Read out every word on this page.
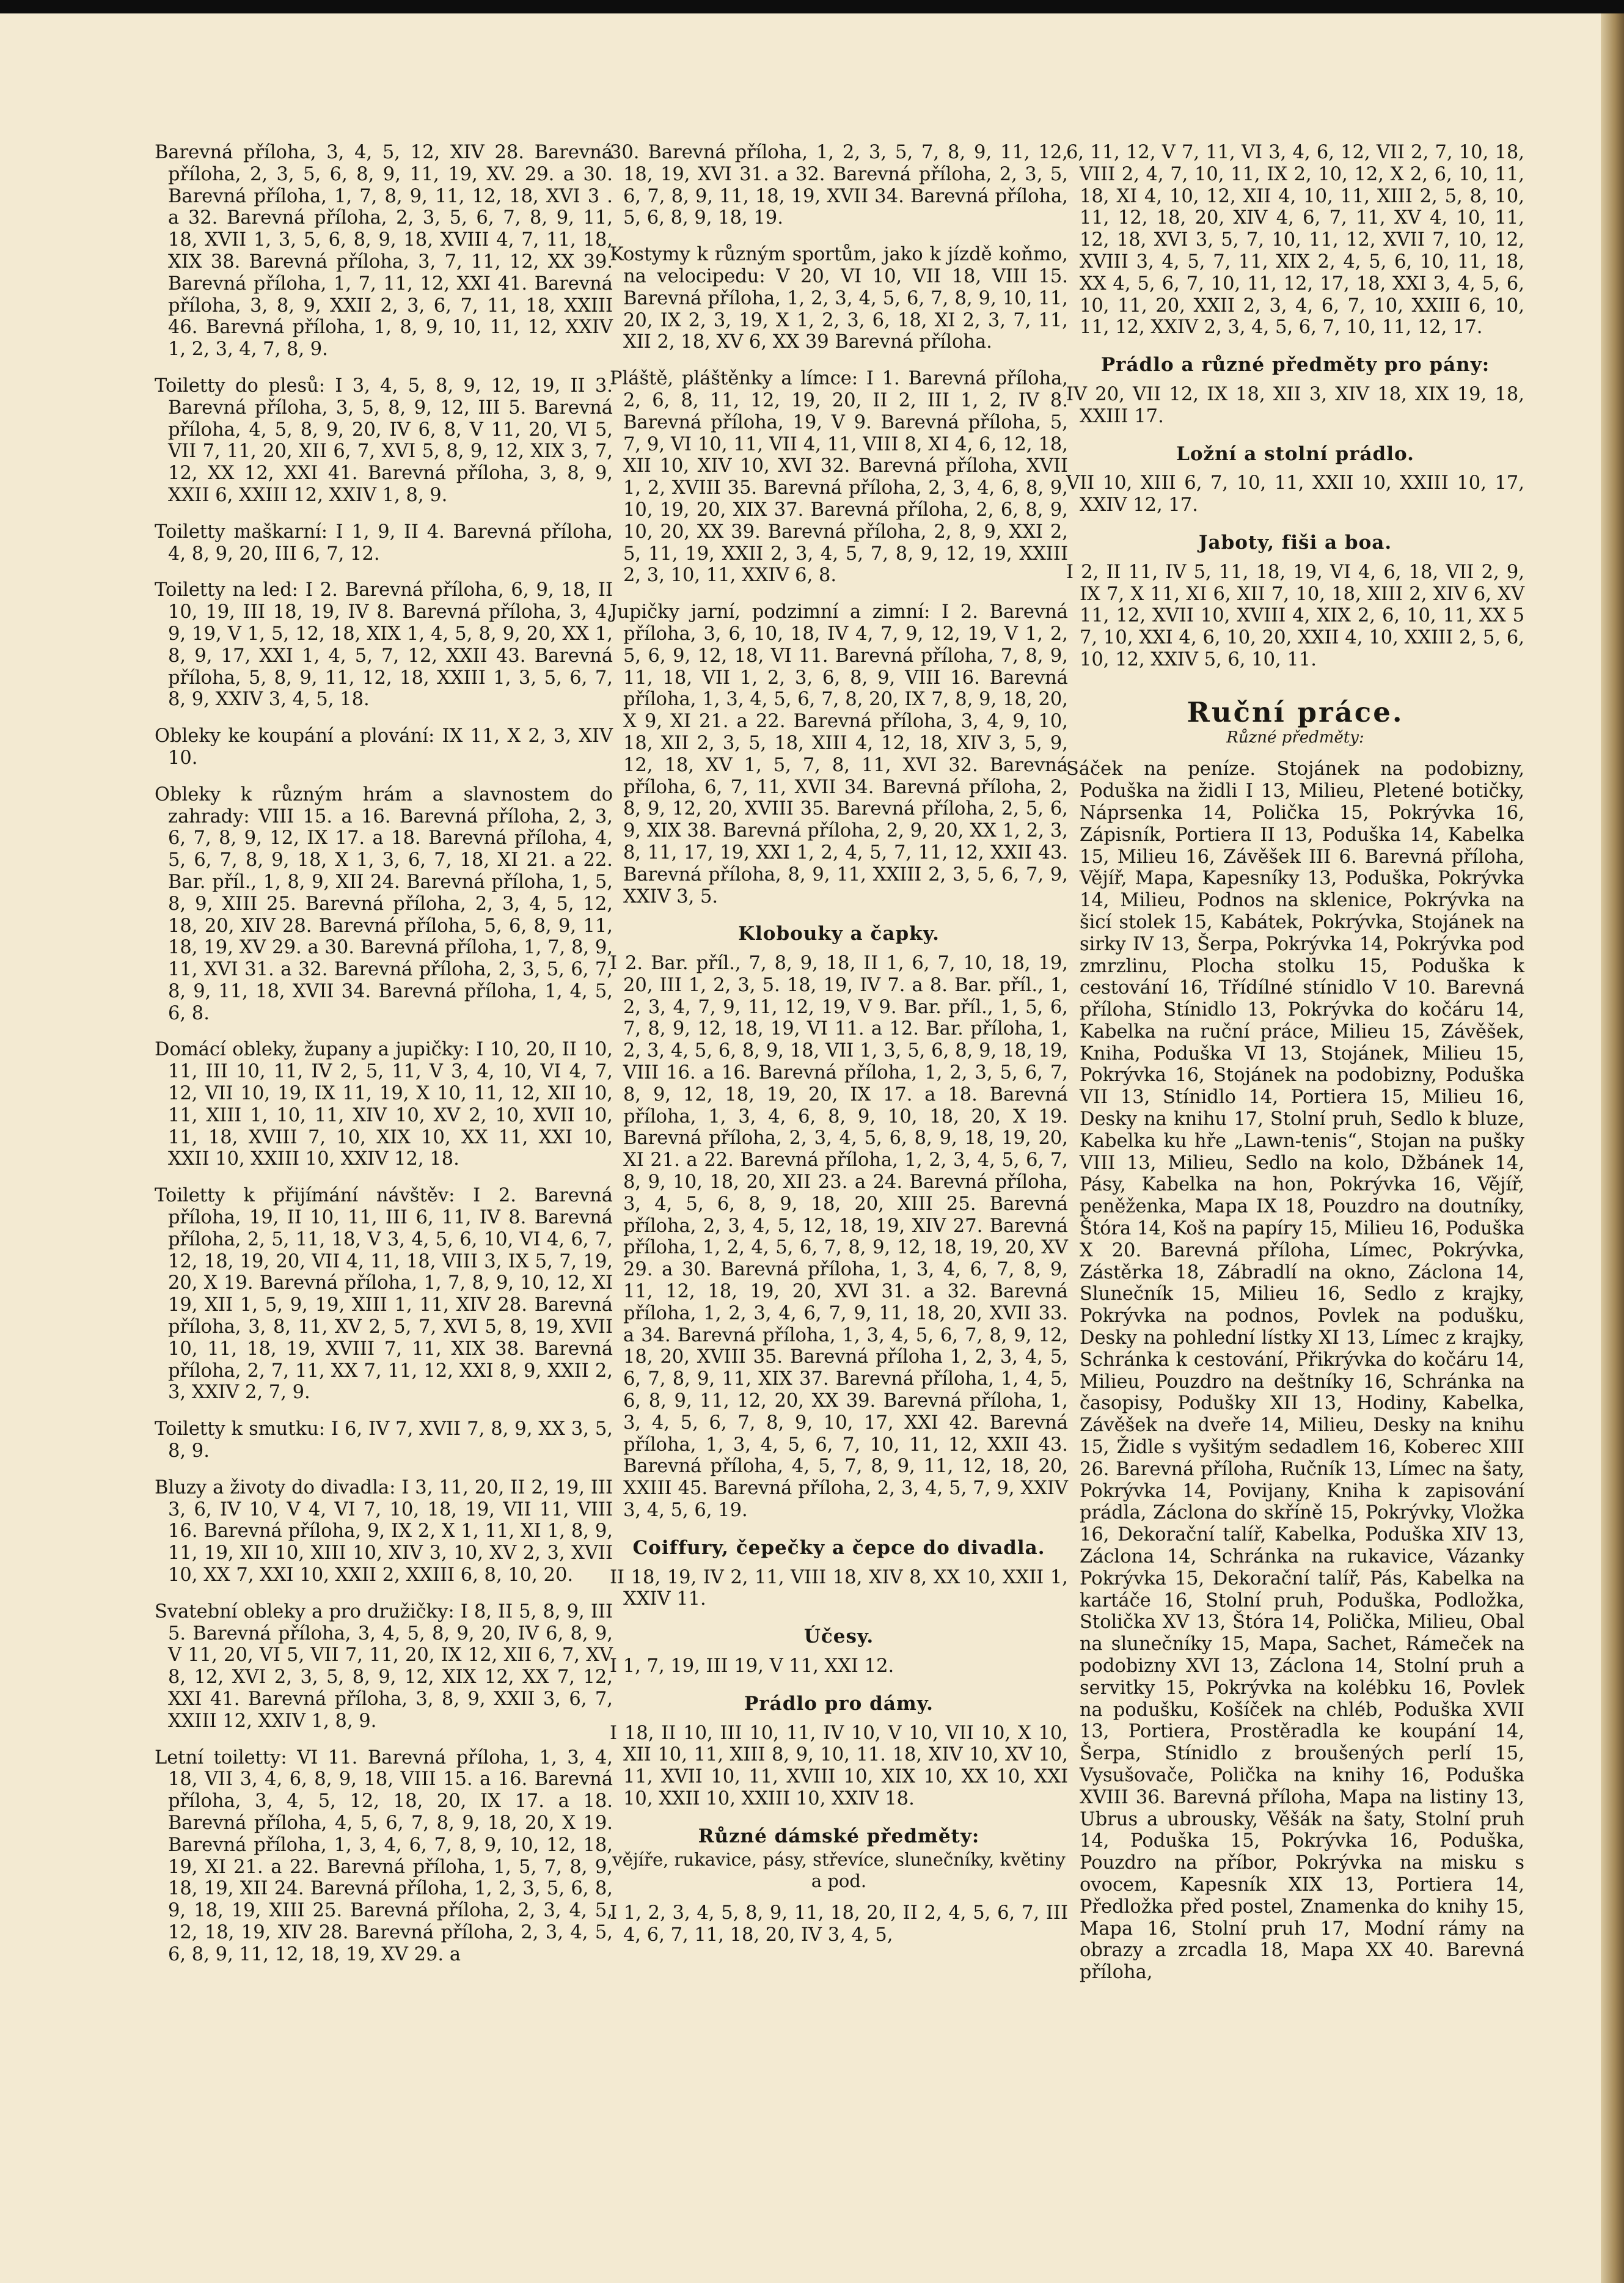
Barevná příloha, 3, 4, 5, 12, XIV 28. Barevná příloha, 2, 3, 5, 6, 8, 9, 11, 19, XV. 29. a 30. Barevná příloha, 1, 7, 8, 9, 11, 12, 18, XVI 3 . a 32. Barevná příloha, 2, 3, 5, 6, 7, 8, 9, 11, 18, XVII 1, 3, 5, 6, 8, 9, 18, XVIII 4, 7, 11, 18, XIX 38. Barevná příloha, 3, 7, 11, 12, XX 39. Barevná příloha, 1, 7, 11, 12, XXI 41. Barevná příloha, 3, 8, 9, XXII 2, 3, 6, 7, 11, 18, XXIII 46. Barevná příloha, 1, 8, 9, 10, 11, 12, XXIV 1, 2, 3, 4, 7, 8, 9.

Toiletty do plesů: I 3, 4, 5, 8, 9, 12, 19, II 3. Barevná příloha, 3, 5, 8, 9, 12, III 5. Barevná příloha, 4, 5, 8, 9, 20, IV 6, 8, V 11, 20, VI 5, VII 7, 11, 20, XII 6, 7, XVI 5, 8, 9, 12, XIX 3, 7, 12, XX 12, XXI 41. Barevná příloha, 3, 8, 9, XXII 6, XXIII 12, XXIV 1, 8, 9.

Toiletty maškarní: I 1, 9, II 4. Barevná příloha, 4, 8, 9, 20, III 6, 7, 12.

Toiletty na led: I 2. Barevná příloha, 6, 9, 18, II 10, 19, III 18, 19, IV 8. Barevná příloha, 3, 4, 9, 19, V 1, 5, 12, 18, XIX 1, 4, 5, 8, 9, 20, XX 1, 8, 9, 17, XXI 1, 4, 5, 7, 12, XXII 43. Barevná příloha, 5, 8, 9, 11, 12, 18, XXIII 1, 3, 5, 6, 7, 8, 9, XXIV 3, 4, 5, 18.

Obleky ke koupání a plování: IX 11, X 2, 3, XIV 10.

Obleky k různým hrám a slavnostem do zahrady: VIII 15. a 16. Barevná příloha, 2, 3, 6, 7, 8, 9, 12, IX 17. a 18. Barevná příloha, 4, 5, 6, 7, 8, 9, 18, X 1, 3, 6, 7, 18, XI 21. a 22. Bar. příl., 1, 8, 9, XII 24. Barevná příloha, 1, 5, 8, 9, XIII 25. Barevná příloha, 2, 3, 4, 5, 12, 18, 20, XIV 28. Barevná příloha, 5, 6, 8, 9, 11, 18, 19, XV 29. a 30. Barevná příloha, 1, 7, 8, 9, 11, XVI 31. a 32. Barevná příloha, 2, 3, 5, 6, 7, 8, 9, 11, 18, XVII 34. Barevná příloha, 1, 4, 5, 6, 8.

Domácí obleky, župany a jupičky: I 10, 20, II 10, 11, III 10, 11, IV 2, 5, 11, V 3, 4, 10, VI 4, 7, 12, VII 10, 19, IX 11, 19, X 10, 11, 12, XII 10, 11, XIII 1, 10, 11, XIV 10, XV 2, 10, XVII 10, 11, 18, XVIII 7, 10, XIX 10, XX 11, XXI 10, XXII 10, XXIII 10, XXIV 12, 18.

Toiletty k přijímání návštěv: I 2. Barevná příloha, 19, II 10, 11, III 6, 11, IV 8. Barevná příloha, 2, 5, 11, 18, V 3, 4, 5, 6, 10, VI 4, 6, 7, 12, 18, 19, 20, VII 4, 11, 18, VIII 3, IX 5, 7, 19, 20, X 19. Barevná příloha, 1, 7, 8, 9, 10, 12, XI 19, XII 1, 5, 9, 19, XIII 1, 11, XIV 28. Barevná příloha, 3, 8, 11, XV 2, 5, 7, XVI 5, 8, 19, XVII 10, 11, 18, 19, XVIII 7, 11, XIX 38. Barevná příloha, 2, 7, 11, XX 7, 11, 12, XXI 8, 9, XXII 2, 3, XXIV 2, 7, 9.

Toiletty k smutku: I 6, IV 7, XVII 7, 8, 9, XX 3, 5, 8, 9.

Bluzy a životy do divadla: I 3, 11, 20, II 2, 19, III 3, 6, IV 10, V 4, VI 7, 10, 18, 19, VII 11, VIII 16. Barevná příloha, 9, IX 2, X 1, 11, XI 1, 8, 9, 11, 19, XII 10, XIII 10, XIV 3, 10, XV 2, 3, XVII 10, XX 7, XXI 10, XXII 2, XXIII 6, 8, 10, 20.

Svatební obleky a pro družičky: I 8, II 5, 8, 9, III 5. Barevná příloha, 3, 4, 5, 8, 9, 20, IV 6, 8, 9, V 11, 20, VI 5, VII 7, 11, 20, IX 12, XII 6, 7, XV 8, 12, XVI 2, 3, 5, 8, 9, 12, XIX 12, XX 7, 12, XXI 41. Barevná příloha, 3, 8, 9, XXII 3, 6, 7, XXIII 12, XXIV 1, 8, 9.

Letní toiletty: VI 11. Barevná příloha, 1, 3, 4, 18, VII 3, 4, 6, 8, 9, 18, VIII 15. a 16. Barevná příloha, 3, 4, 5, 12, 18, 20, IX 17. a 18. Barevná příloha, 4, 5, 6, 7, 8, 9, 18, 20, X 19. Barevná příloha, 1, 3, 4, 6, 7, 8, 9, 10, 12, 18, 19, XI 21. a 22. Barevná příloha, 1, 5, 7, 8, 9, 18, 19, XII 24. Barevná příloha, 1, 2, 3, 5, 6, 8, 9, 18, 19, XIII 25. Barevná příloha, 2, 3, 4, 5, 12, 18, 19, XIV 28. Barevná příloha, 2, 3, 4, 5, 6, 8, 9, 11, 12, 18, 19, XV 29. a

30. Barevná příloha, 1, 2, 3, 5, 7, 8, 9, 11, 12, 18, 19, XVI 31. a 32. Barevná příloha, 2, 3, 5, 6, 7, 8, 9, 11, 18, 19, XVII 34. Barevná příloha, 5, 6, 8, 9, 18, 19.

Kostymy k různým sportům, jako k jízdě koňmo, na velocipedu: V 20, VI 10, VII 18, VIII 15. Barevná příloha, 1, 2, 3, 4, 5, 6, 7, 8, 9, 10, 11, 20, IX 2, 3, 19, X 1, 2, 3, 6, 18, XI 2, 3, 7, 11, XII 2, 18, XV 6, XX 39 Barevná příloha.

Pláště, pláštěnky a límce: I 1. Barevná příloha, 2, 6, 8, 11, 12, 19, 20, II 2, III 1, 2, IV 8. Barevná příloha, 19, V 9. Barevná příloha, 5, 7, 9, VI 10, 11, VII 4, 11, VIII 8, XI 4, 6, 12, 18, XII 10, XIV 10, XVI 32. Barevná příloha, XVII 1, 2, XVIII 35. Barevná příloha, 2, 3, 4, 6, 8, 9, 10, 19, 20, XIX 37. Barevná příloha, 2, 6, 8, 9, 10, 20, XX 39. Barevná příloha, 2, 8, 9, XXI 2, 5, 11, 19, XXII 2, 3, 4, 5, 7, 8, 9, 12, 19, XXIII 2, 3, 10, 11, XXIV 6, 8.

Jupičky jarní, podzimní a zimní: I 2. Barevná příloha, 3, 6, 10, 18, IV 4, 7, 9, 12, 19, V 1, 2, 5, 6, 9, 12, 18, VI 11. Barevná příloha, 7, 8, 9, 11, 18, VII 1, 2, 3, 6, 8, 9, VIII 16. Barevná příloha, 1, 3, 4, 5, 6, 7, 8, 20, IX 7, 8, 9, 18, 20, X 9, XI 21. a 22. Barevná příloha, 3, 4, 9, 10, 18, XII 2, 3, 5, 18, XIII 4, 12, 18, XIV 3, 5, 9, 12, 18, XV 1, 5, 7, 8, 11, XVI 32. Barevná příloha, 6, 7, 11, XVII 34. Barevná příloha, 2, 8, 9, 12, 20, XVIII 35. Barevná příloha, 2, 5, 6, 9, XIX 38. Barevná příloha, 2, 9, 20, XX 1, 2, 3, 8, 11, 17, 19, XXI 1, 2, 4, 5, 7, 11, 12, XXII 43. Barevná příloha, 8, 9, 11, XXIII 2, 3, 5, 6, 7, 9, XXIV 3, 5.

Klobouky a čapky.

I 2. Bar. příl., 7, 8, 9, 18, II 1, 6, 7, 10, 18, 19, 20, III 1, 2, 3, 5. 18, 19, IV 7. a 8. Bar. příl., 1, 2, 3, 4, 7, 9, 11, 12, 19, V 9. Bar. příl., 1, 5, 6, 7, 8, 9, 12, 18, 19, VI 11. a 12. Bar. příloha, 1, 2, 3, 4, 5, 6, 8, 9, 18, VII 1, 3, 5, 6, 8, 9, 18, 19, VIII 16. a 16. Barevná příloha, 1, 2, 3, 5, 6, 7, 8, 9, 12, 18, 19, 20, IX 17. a 18. Barevná příloha, 1, 3, 4, 6, 8, 9, 10, 18, 20, X 19. Barevná příloha, 2, 3, 4, 5, 6, 8, 9, 18, 19, 20, XI 21. a 22. Barevná příloha, 1, 2, 3, 4, 5, 6, 7, 8, 9, 10, 18, 20, XII 23. a 24. Barevná příloha, 3, 4, 5, 6, 8, 9, 18, 20, XIII 25. Barevná příloha, 2, 3, 4, 5, 12, 18, 19, XIV 27. Barevná příloha, 1, 2, 4, 5, 6, 7, 8, 9, 12, 18, 19, 20, XV 29. a 30. Barevná příloha, 1, 3, 4, 6, 7, 8, 9, 11, 12, 18, 19, 20, XVI 31. a 32. Barevná příloha, 1, 2, 3, 4, 6, 7, 9, 11, 18, 20, XVII 33. a 34. Barevná příloha, 1, 3, 4, 5, 6, 7, 8, 9, 12, 18, 20, XVIII 35. Barevná příloha 1, 2, 3, 4, 5, 6, 7, 8, 9, 11, XIX 37. Barevná příloha, 1, 4, 5, 6, 8, 9, 11, 12, 20, XX 39. Barevná příloha, 1, 3, 4, 5, 6, 7, 8, 9, 10, 17, XXI 42. Barevná příloha, 1, 3, 4, 5, 6, 7, 10, 11, 12, XXII 43. Barevná příloha, 4, 5, 7, 8, 9, 11, 12, 18, 20, XXIII 45. Barevná příloha, 2, 3, 4, 5, 7, 9, XXIV 3, 4, 5, 6, 19.

Coiffury, čepečky a čepce do divadla.

II 18, 19, IV 2, 11, VIII 18, XIV 8, XX 10, XXII 1, XXIV 11.

Účesy.

I 1, 7, 19, III 19, V 11, XXI 12.

Prádlo pro dámy.

I 18, II 10, III 10, 11, IV 10, V 10, VII 10, X 10, XII 10, 11, XIII 8, 9, 10, 11. 18, XIV 10, XV 10, 11, XVII 10, 11, XVIII 10, XIX 10, XX 10, XXI 10, XXII 10, XXIII 10, XXIV 18.

Různé dámské předměty:
vějíře, rukavice, pásy, střevíce, slunečníky, květiny a pod.

I 1, 2, 3, 4, 5, 8, 9, 11, 18, 20, II 2, 4, 5, 6, 7, III 4, 6, 7, 11, 18, 20, IV 3, 4, 5,

6, 11, 12, V 7, 11, VI 3, 4, 6, 12, VII 2, 7, 10, 18, VIII 2, 4, 7, 10, 11, IX 2, 10, 12, X 2, 6, 10, 11, 18, XI 4, 10, 12, XII 4, 10, 11, XIII 2, 5, 8, 10, 11, 12, 18, 20, XIV 4, 6, 7, 11, XV 4, 10, 11, 12, 18, XVI 3, 5, 7, 10, 11, 12, XVII 7, 10, 12, XVIII 3, 4, 5, 7, 11, XIX 2, 4, 5, 6, 10, 11, 18, XX 4, 5, 6, 7, 10, 11, 12, 17, 18, XXI 3, 4, 5, 6, 10, 11, 20, XXII 2, 3, 4, 6, 7, 10, XXIII 6, 10, 11, 12, XXIV 2, 3, 4, 5, 6, 7, 10, 11, 12, 17.

Prádlo a různé předměty pro pány:

IV 20, VII 12, IX 18, XII 3, XIV 18, XIX 19, 18, XXIII 17.

Ložní a stolní prádlo.

VII 10, XIII 6, 7, 10, 11, XXII 10, XXIII 10, 17, XXIV 12, 17.

Jaboty, fiši a boa.

I 2, II 11, IV 5, 11, 18, 19, VI 4, 6, 18, VII 2, 9, IX 7, X 11, XI 6, XII 7, 10, 18, XIII 2, XIV 6, XV 11, 12, XVII 10, XVIII 4, XIX 2, 6, 10, 11, XX 5 7, 10, XXI 4, 6, 10, 20, XXII 4, 10, XXIII 2, 5, 6, 10, 12, XXIV 5, 6, 10, 11.

Ruční práce.
Různé předměty:

Sáček na peníze. Stojánek na podobizny, Poduška na židli I 13, Milieu, Pletené botičky, Náprsenka 14, Polička 15, Pokrývka 16, Zápisník, Portiera II 13, Poduška 14, Kabelka 15, Milieu 16, Závěšek III 6. Barevná příloha, Vějíř, Mapa, Kapesníky 13, Poduška, Pokrývka 14, Milieu, Podnos na sklenice, Pokrývka na šicí stolek 15, Kabátek, Pokrývka, Stojánek na sirky IV 13, Šerpa, Pokrývka 14, Pokrývka pod zmrzlinu, Plocha stolku 15, Poduška k cestování 16, Třídílné stínidlo V 10. Barevná příloha, Stínidlo 13, Pokrývka do kočáru 14, Kabelka na ruční práce, Milieu 15, Závěšek, Kniha, Poduška VI 13, Stojánek, Milieu 15, Pokrývka 16, Stojánek na podobizny, Poduška VII 13, Stínidlo 14, Portiera 15, Milieu 16, Desky na knihu 17, Stolní pruh, Sedlo k bluze, Kabelka ku hře „Lawn-tenis“, Stojan na pušky VIII 13, Milieu, Sedlo na kolo, Džbánek 14, Pásy, Kabelka na hon, Pokrývka 16, Vějíř, peněženka, Mapa IX 18, Pouzdro na doutníky, Štóra 14, Koš na papíry 15, Milieu 16, Poduška X 20. Barevná příloha, Límec, Pokrývka, Zástěrka 18, Zábradlí na okno, Záclona 14, Slunečník 15, Milieu 16, Sedlo z krajky, Pokrývka na podnos, Povlek na podušku, Desky na pohlední lístky XI 13, Límec z krajky, Schránka k cestování, Přikrývka do kočáru 14, Milieu, Pouzdro na deštníky 16, Schránka na časopisy, Podušky XII 13, Hodiny, Kabelka, Závěšek na dveře 14, Milieu, Desky na knihu 15, Židle s vyšitým sedadlem 16, Koberec XIII 26. Barevná příloha, Ručník 13, Límec na šaty, Pokrývka 14, Povijany, Kniha k zapisování prádla, Záclona do skříně 15, Pokrývky, Vložka 16, Dekorační talíř, Kabelka, Poduška XIV 13, Záclona 14, Schránka na rukavice, Vázanky Pokrývka 15, Dekorační talíř, Pás, Kabelka na kartáče 16, Stolní pruh, Poduška, Podložka, Stolička XV 13, Štóra 14, Polička, Milieu, Obal na slunečníky 15, Mapa, Sachet, Rámeček na podobizny XVI 13, Záclona 14, Stolní pruh a servitky 15, Pokrývka na kolébku 16, Povlek na podušku, Košíček na chléb, Poduška XVII 13, Portiera, Prostěradla ke koupání 14, Šerpa, Stínidlo z broušených perlí 15, Vysušovače, Polička na knihy 16, Poduška XVIII 36. Barevná příloha, Mapa na listiny 13, Ubrus a ubrousky, Věšák na šaty, Stolní pruh 14, Poduška 15, Pokrývka 16, Poduška, Pouzdro na příbor, Pokrývka na misku s ovocem, Kapesník XIX 13, Portiera 14, Předložka před postel, Znamenka do knihy 15, Mapa 16, Stolní pruh 17, Modní rámy na obrazy a zrcadla 18, Mapa XX 40. Barevná příloha,
